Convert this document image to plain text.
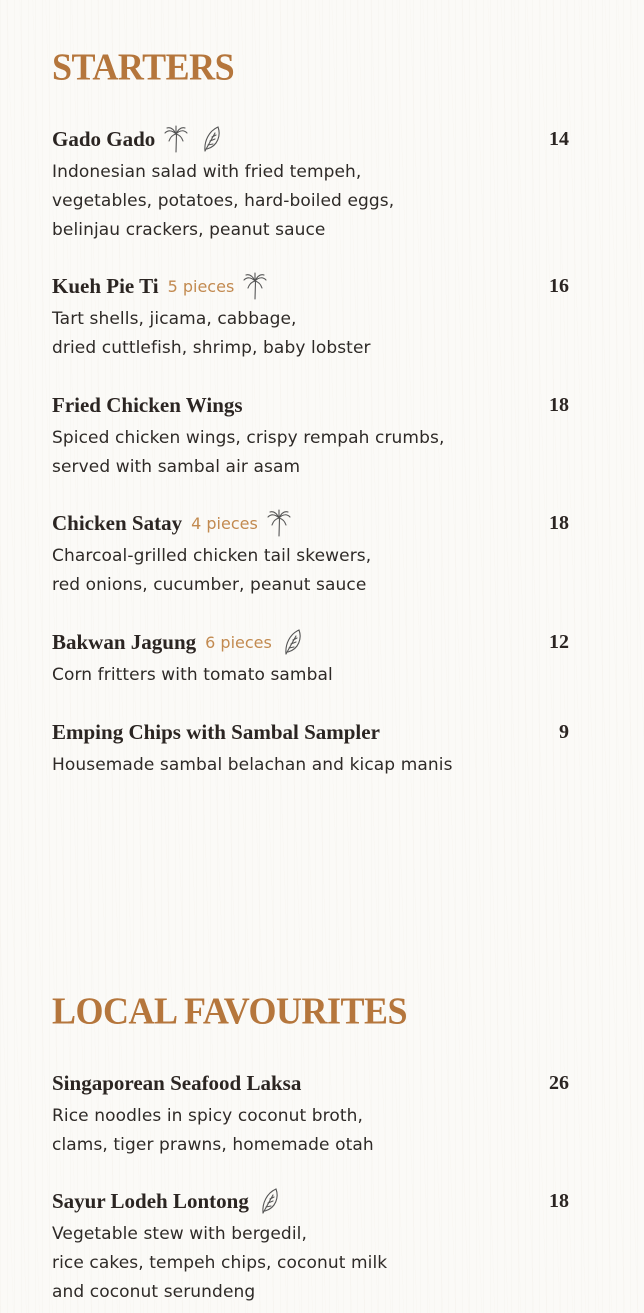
STARTERS
Gado Gado	14
Indonesian salad with fried tempeh,
vegetables, potatoes, hard-boiled eggs,
belinjau crackers, peanut sauce
Kueh Pie Ti 5 pieces	16
Tart shells, jicama, cabbage,
dried cuttlefish, shrimp, baby lobster
Fried Chicken Wings	18
Spiced chicken wings, crispy rempah crumbs,
served with sambal air asam
Chicken Satay 4 pieces	18
Charcoal-grilled chicken tail skewers,
red onions, cucumber, peanut sauce
Bakwan Jagung 6 pieces	12
Corn fritters with tomato sambal
Emping Chips with Sambal Sampler	9
Housemade sambal belachan and kicap manis
LOCAL FAVOURITES
Singaporean Seafood Laksa	26
Rice noodles in spicy coconut broth,
clams, tiger prawns, homemade otah
Sayur Lodeh Lontong	18
Vegetable stew with bergedil,
rice cakes, tempeh chips, coconut milk
and coconut serundeng
